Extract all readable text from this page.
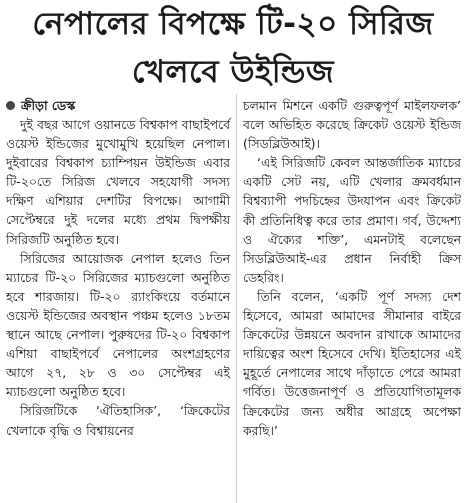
নেপালের বিপক্ষে টি-২০ সিরিজ
খেলবে উইন্ডিজ
ক্রীড়া ডেস্ক

দুই বছর আগে ওয়ানডে বিশ্বকাপ বাছাইপর্বে ওয়েস্ট ইন্ডিজের মুখোমুখি হয়েছিল নেপাল। দুইবারের বিশ্বকাপ চ্যাম্পিয়ন উইন্ডিজ এবার টি-২০তে সিরিজ খেলবে সহযোগী সদস্য দক্ষিণ এশিয়ার দেশটির বিপক্ষে। আগামী সেপ্টেম্বরে দুই দলের মধ্যে প্রথম দ্বিপক্ষীয় সিরিজটি অনুষ্ঠিত হবে।

সিরিজের আয়োজক নেপাল হলেও তিন ম্যাচের টি-২০ সিরিজের ম্যাচগুলো অনুষ্ঠিত হবে শারজায়। টি-২০ র‍্যাংকিংয়ে বর্তমানে ওয়েস্ট ইন্ডিজের অবস্থান পঞ্চম হলেও ১৮তম স্থানে আছে নেপাল। পুরুষদের টি-২০ বিশ্বকাপ এশিয়া বাছাইপর্বে নেপালের অংশগ্রহণের আগে ২৭, ২৮ ও ৩০ সেপ্টেম্বর এই ম্যাচগুলো অনুষ্ঠিত হবে।

সিরিজটিকে ‘ঐতিহাসিক’, ‘ক্রিকেটের খেলাকে বৃদ্ধি ও বিশ্বায়নের

চলমান মিশনে একটি গুরুত্বপূর্ণ মাইলফলক’ বলে অভিহিত করেছে ক্রিকেট ওয়েস্ট ইন্ডিজ (সিডব্লিউআই)।

‘এই সিরিজটি কেবল আন্তর্জাতিক ম্যাচের একটি সেট নয়, এটি খেলার ক্রমবর্ধমান বিশ্বব্যাপী পদচিহ্নের উদযাপন এবং ক্রিকেট কী প্রতিনিধিত্ব করে তার প্রমাণ। গর্ব, উদ্দেশ্য ও ঐক্যের শক্তি’, এমনটাই বলেছেন সিডব্লিউআই-এর প্রধান নির্বাহী ক্রিস ডেহরিং।

তিনি বলেন, ‘একটি পূর্ণ সদস্য দেশ হিসেবে, আমরা আমাদের সীমানার বাইরে ক্রিকেটের উন্নয়নে অবদান রাখাকে আমাদের দায়িত্বের অংশ হিসেবে দেখি। ইতিহাসের এই মুহূর্তে নেপালের সাথে দাঁড়াতে পেরে আমরা গর্বিত। উত্তেজনাপূর্ণ ও প্রতিযোগিতামূলক ক্রিকেটের জন্য অধীর আগ্রহে অপেক্ষা করছি।’
